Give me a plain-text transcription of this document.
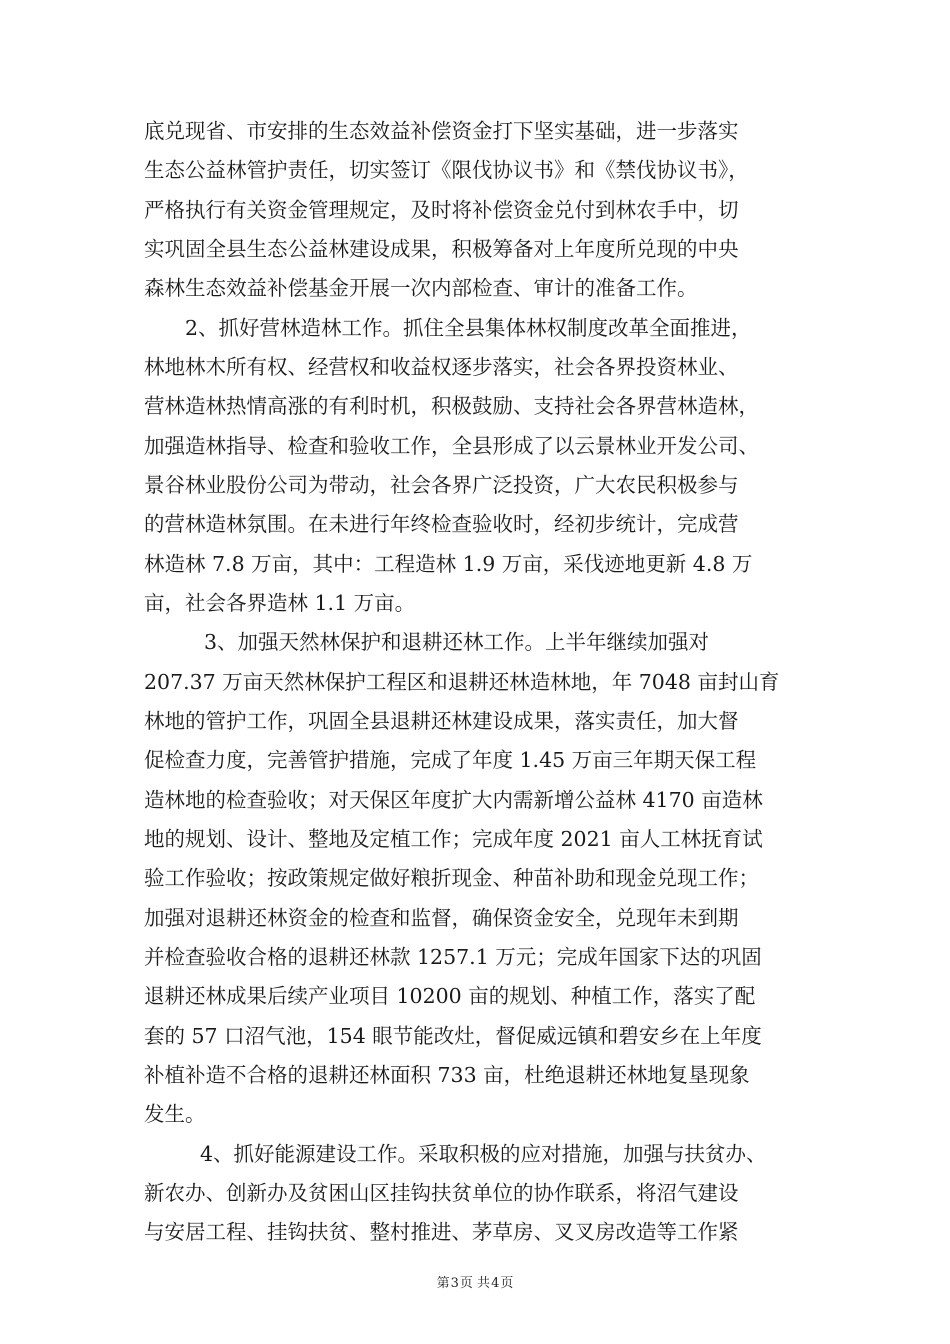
底兑现省、市安排的生态效益补偿资金打下坚实基础，进一步落实
生态公益林管护责任，切实签订《限伐协议书》和《禁伐协议书》，
严格执行有关资金管理规定，及时将补偿资金兑付到林农手中，切
实巩固全县生态公益林建设成果，积极筹备对上年度所兑现的中央
森林生态效益补偿基金开展一次内部检查、审计的准备工作。
2、抓好营林造林工作。抓住全县集体林权制度改革全面推进，
林地林木所有权、经营权和收益权逐步落实，社会各界投资林业、
营林造林热情高涨的有利时机，积极鼓励、支持社会各界营林造林，
加强造林指导、检查和验收工作，全县形成了以云景林业开发公司、
景谷林业股份公司为带动，社会各界广泛投资，广大农民积极参与
的营林造林氛围。在未进行年终检查验收时，经初步统计，完成营
林造林 7.8 万亩，其中：工程造林 1.9 万亩，采伐迹地更新 4.8 万
亩，社会各界造林 1.1 万亩。
3、加强天然林保护和退耕还林工作。上半年继续加强对
207.37 万亩天然林保护工程区和退耕还林造林地，年 7048 亩封山育
林地的管护工作，巩固全县退耕还林建设成果，落实责任，加大督
促检查力度，完善管护措施，完成了年度 1.45 万亩三年期天保工程
造林地的检查验收；对天保区年度扩大内需新增公益林 4170 亩造林
地的规划、设计、整地及定植工作；完成年度 2021 亩人工林抚育试
验工作验收；按政策规定做好粮折现金、种苗补助和现金兑现工作；
加强对退耕还林资金的检查和监督，确保资金安全，兑现年未到期
并检查验收合格的退耕还林款 1257.1 万元；完成年国家下达的巩固
退耕还林成果后续产业项目 10200 亩的规划、种植工作，落实了配
套的 57 口沼气池，154 眼节能改灶，督促威远镇和碧安乡在上年度
补植补造不合格的退耕还林面积 733 亩，杜绝退耕还林地复垦现象
发生。
4、抓好能源建设工作。采取积极的应对措施，加强与扶贫办、
新农办、创新办及贫困山区挂钩扶贫单位的协作联系，将沼气建设
与安居工程、挂钩扶贫、整村推进、茅草房、叉叉房改造等工作紧
第3页 共4页
